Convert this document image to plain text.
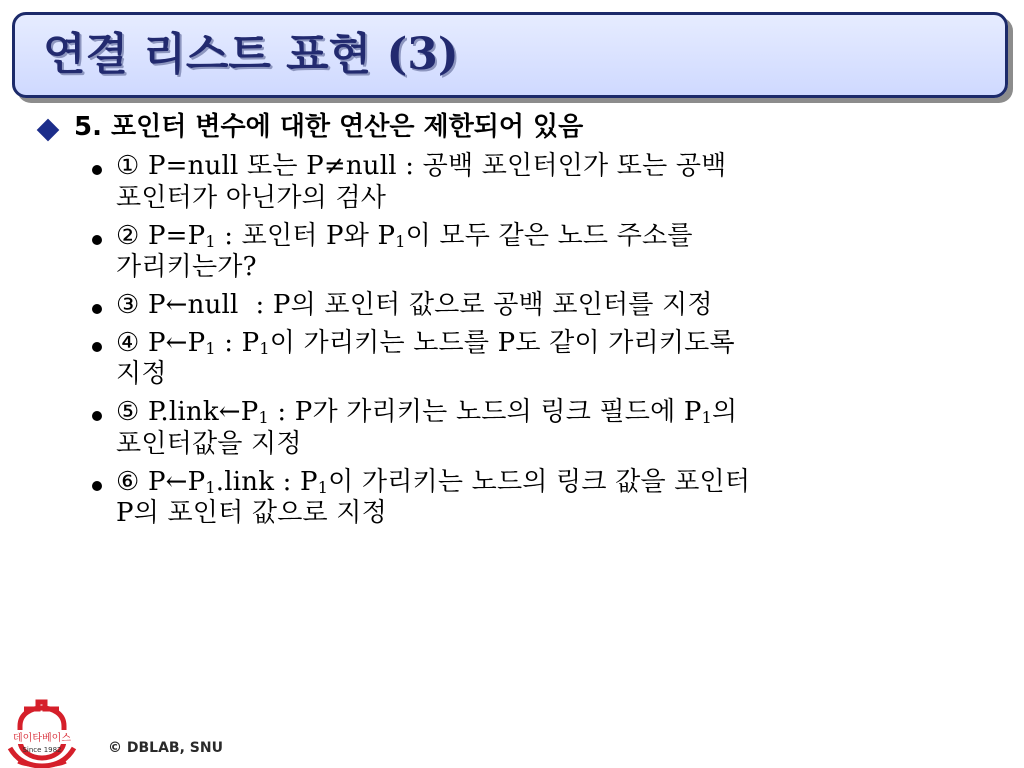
연결 리스트 표현 (3)
5. 포인터 변수에 대한 연산은 제한되어 있음
① P=null 또는 P≠null : 공백 포인터인가 또는 공백
포인터가 아닌가의 검사
② $P=P_1$ : 포인터 P와 $P_1$이 모두 같은 노드 주소를
가리키는가?
③ P←null  : P의 포인터 값으로 공백 포인터를 지정
④ $P\leftarrow P_1$ : $P_1$이 가리키는 노드를 P도 같이 가리키도록
지정
⑤ $P.link\leftarrow P_1$ : P가 가리키는 노드의 링크 필드에 $P_1$의
포인터값을 지정
⑥ $P\leftarrow P_1.link$ : $P_1$이 가리키는 노드의 링크 값을 포인터
P의 포인터 값으로 지정
데이타베이스
Since 1982	© DBLAB, SNU
